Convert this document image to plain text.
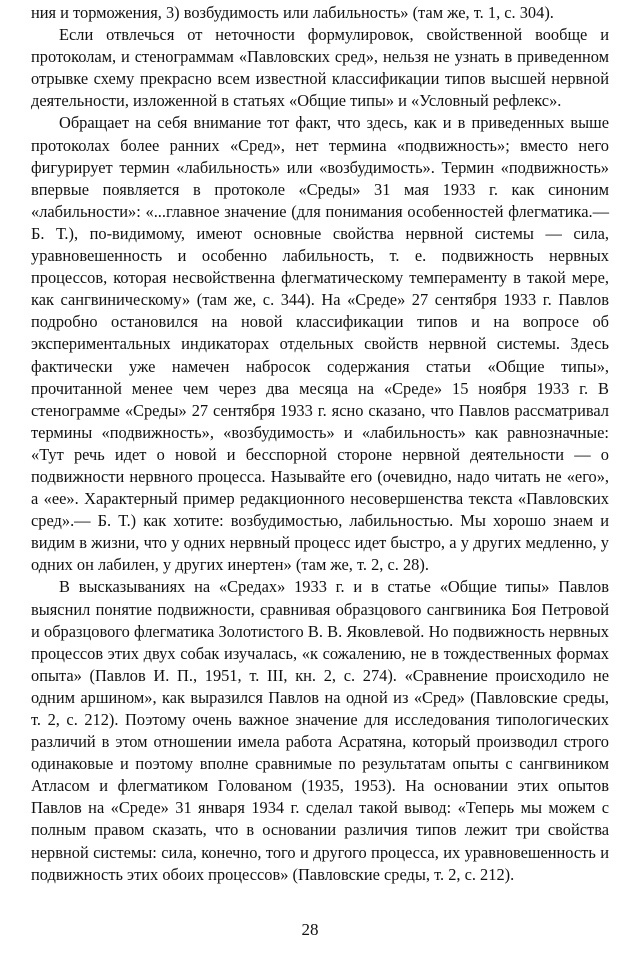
ния и торможения, 3) возбудимость или лабильность» (там же, т. 1, с. 304).

Если отвлечься от неточности формулировок, свойственной вообще и протоколам, и стенограммам «Павловских сред», нельзя не узнать в приведенном отрывке схему прекрасно всем известной классификации типов высшей нервной деятельности, изложенной в статьях «Общие типы» и «Условный рефлекс».

Обращает на себя внимание тот факт, что здесь, как и в приведенных выше протоколах более ранних «Сред», нет термина «подвижность»; вместо него фигурирует термин «лабильность» или «возбудимость». Термин «подвижность» впервые появляется в протоколе «Среды» 31 мая 1933 г. как синоним «лабильности»: «...главное значение (для понимания особенностей флегматика.— Б. Т.), по-видимому, имеют основные свойства нервной системы — сила, уравновешенность и особенно лабильность, т. е. подвижность нервных процессов, которая несвойственна флегматическому темпераменту в такой мере, как сангвиническому» (там же, с. 344). На «Среде» 27 сентября 1933 г. Павлов подробно остановился на новой классификации типов и на вопросе об экспериментальных индикаторах отдельных свойств нервной системы. Здесь фактически уже намечен набросок содержания статьи «Общие типы», прочитанной менее чем через два месяца на «Среде» 15 ноября 1933 г. В стенограмме «Среды» 27 сентября 1933 г. ясно сказано, что Павлов рассматривал термины «подвижность», «возбудимость» и «лабильность» как равнозначные: «Тут речь идет о новой и бесспорной стороне нервной деятельности — о подвижности нервного процесса. Называйте его (очевидно, надо читать не «его», а «ее». Характерный пример редакционного несовершенства текста «Павловских сред».— Б. Т.) как хотите: возбудимостью, лабильностью. Мы хорошо знаем и видим в жизни, что у одних нервный процесс идет быстро, а у других медленно, у одних он лабилен, у других инертен» (там же, т. 2, с. 28).

В высказываниях на «Средах» 1933 г. и в статье «Общие типы» Павлов выяснил понятие подвижности, сравнивая образцового сангвиника Боя Петровой и образцового флегматика Золотистого В. В. Яковлевой. Но подвижность нервных процессов этих двух собак изучалась, «к сожалению, не в тождественных формах опыта» (Павлов И. П., 1951, т. III, кн. 2, с. 274). «Сравнение происходило не одним аршином», как выразился Павлов на одной из «Сред» (Павловские среды, т. 2, с. 212). Поэтому очень важное значение для исследования типологических различий в этом отношении имела работа Асратяна, который производил строго одинаковые и поэтому вполне сравнимые по результатам опыты с сангвиником Атласом и флегматиком Голованом (1935, 1953). На основании этих опытов Павлов на «Среде» 31 января 1934 г. сделал такой вывод: «Теперь мы можем с полным правом сказать, что в основании различия типов лежит три свойства нервной системы: сила, конечно, того и другого процесса, их уравновешенность и подвижность этих обоих процессов» (Павловские среды, т. 2, с. 212).

28
